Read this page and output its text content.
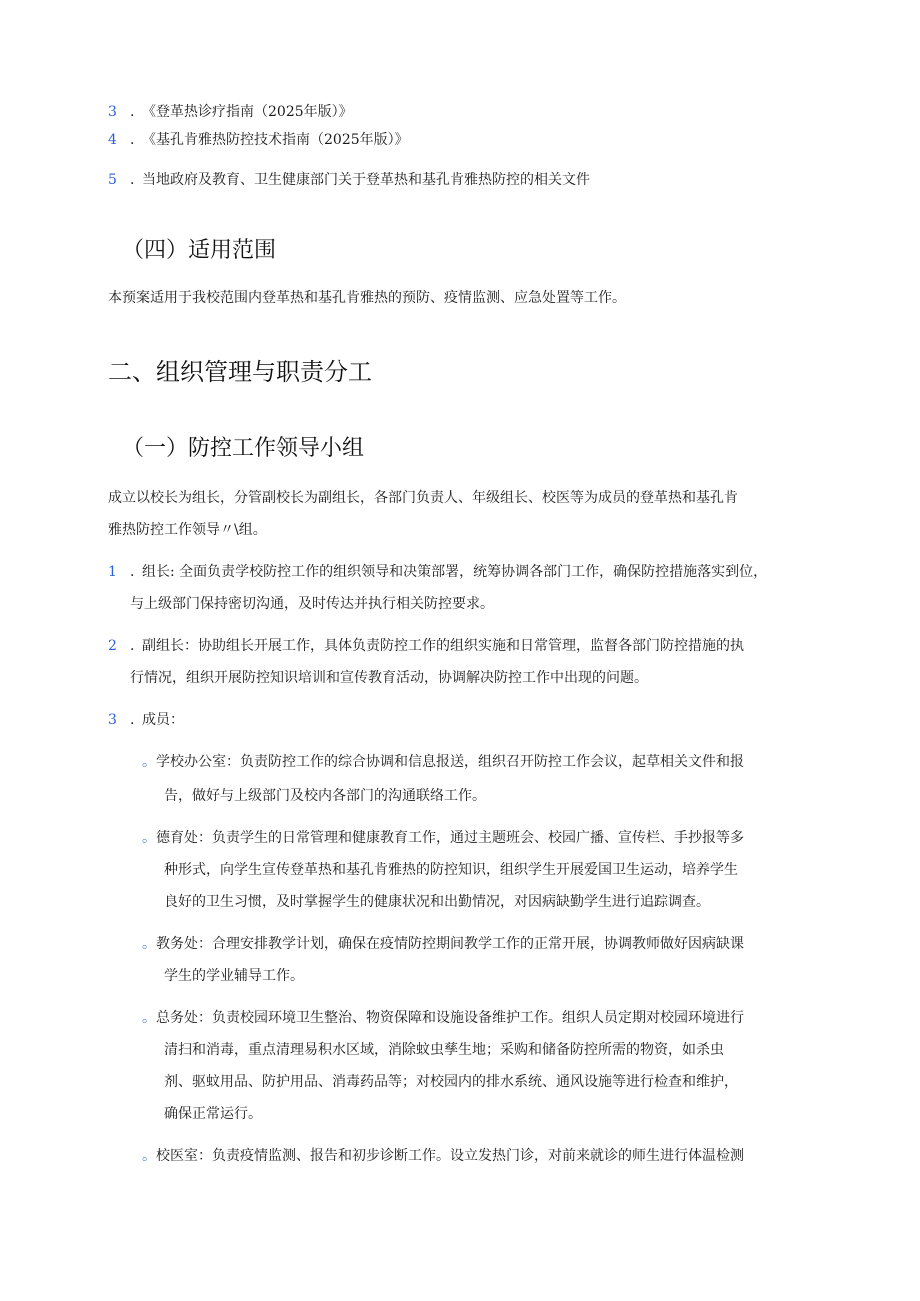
3 . 《登革热诊疗指南（2025年版）》

4 . 《基孔肯雅热防控技术指南（2025年版）》

5 . 当地政府及教育、卫生健康部门关于登革热和基孔肯雅热防控的相关文件

（四）适用范围

本预案适用于我校范围内登革热和基孔肯雅热的预防、疫情监测、应急处置等工作。

二、组织管理与职责分工
（一）防控工作领导小组

成立以校长为组长，分管副校长为副组长，各部门负责人、年级组长、校医等为成员的登革热和基孔肯

雅热防控工作领导〃\组。

1 . 组长: 全面负责学校防控工作的组织领导和决策部署，统筹协调各部门工作，确保防控措施落实到位，

与上级部门保持密切沟通，及时传达并执行相关防控要求。

2 . 副组长：协助组长开展工作，具体负责防控工作的组织实施和日常管理，监督各部门防控措施的执

行情况，组织开展防控知识培训和宣传教育活动，协调解决防控工作中出现的问题。

3 . 成员：

。学校办公室：负责防控工作的综合协调和信息报送，组织召开防控工作会议，起草相关文件和报

告，做好与上级部门及校内各部门的沟通联络工作。

。德育处：负责学生的日常管理和健康教育工作，通过主题班会、校园广播、宣传栏、手抄报等多

种形式，向学生宣传登革热和基孔肯雅热的防控知识，组织学生开展爱国卫生运动，培养学生

良好的卫生习惯，及时掌握学生的健康状况和出勤情况，对因病缺勤学生进行追踪调查。

。教务处：合理安排教学计划，确保在疫情防控期间教学工作的正常开展，协调教师做好因病缺课

学生的学业辅导工作。

。总务处：负责校园环境卫生整治、物资保障和设施设备维护工作。组织人员定期对校园环境进行

清扫和消毒，重点清理易积水区域，消除蚊虫孳生地；采购和储备防控所需的物资，如杀虫

剂、驱蚊用品、防护用品、消毒药品等；对校园内的排水系统、通风设施等进行检查和维护，

确保正常运行。

。校医室：负责疫情监测、报告和初步诊断工作。设立发热门诊，对前来就诊的师生进行体温检测
